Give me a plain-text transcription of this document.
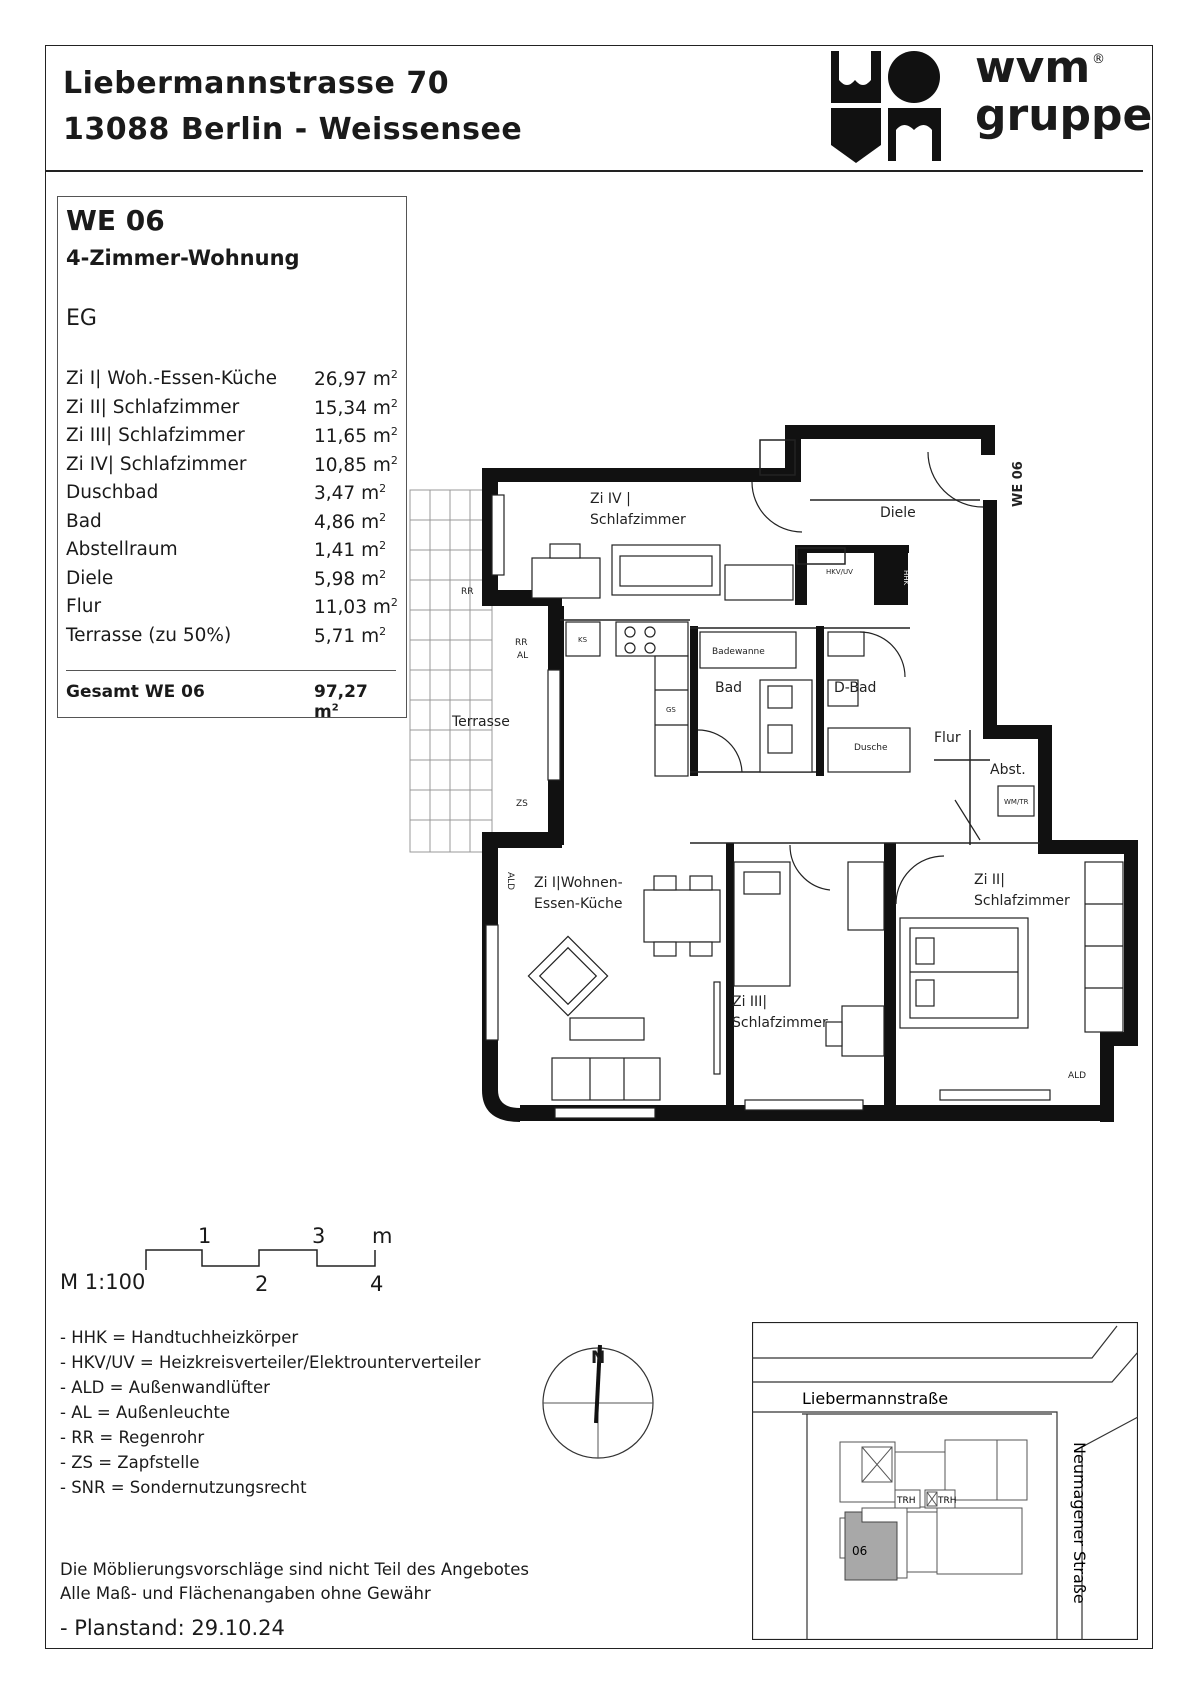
Liebermannstrasse 70
13088 Berlin - Weissensee
wvm ®
gruppe
WE 06
4-Zimmer-Wohnung
EG
Zi I| Woh.-Essen-Küche 26,97 $m^2$
Zi II| Schlafzimmer	15,34 $m^2$
Zi III| Schlafzimmer	11,65 $m^2$
Zi IV| Schlafzimmer	10,85 $m^2$
Duschbad	3,47 $m^2$
Bad	4,86 $m^2$
Abstellraum	1,41 $m^2$
Diele	5,98 $m^2$
Flur	11,03 $m^2$
Terrasse (zu 50%)	5,71 $m^2$
Gesamt WE 06	97,27 $m^2$
Zi IV |
Schlafzimmer	Diele
WE 06
HKV/UV	HHK
RR
RR
AL
ZS
KS
GS
Badewanne
Bad	D-Bad
Dusche
Flur
Abst.
WM/TR
Terrasse
Zi I|Wohnen-
Essen-Küche
Zi II|
Schlafzimmer
Zi III|
Schlafzimmer
ALD
ALD
1	3 m
M 1:100	2	4
- HHK = Handtuchheizkörper
- HKV/UV = Heizkreisverteiler/Elektrounterverteiler
- ALD = Außenwandlüfter
- AL = Außenleuchte
- RR = Regenrohr
- ZS = Zapfstelle
- SNR = Sondernutzungsrecht
N
Die Möblierungsvorschläge sind nicht Teil des Angebotes
Alle Maß- und Flächenangaben ohne Gewähr
- Planstand: 29.10.24
Liebermannstraße
Neumagener Straße
TRH TRH
06
